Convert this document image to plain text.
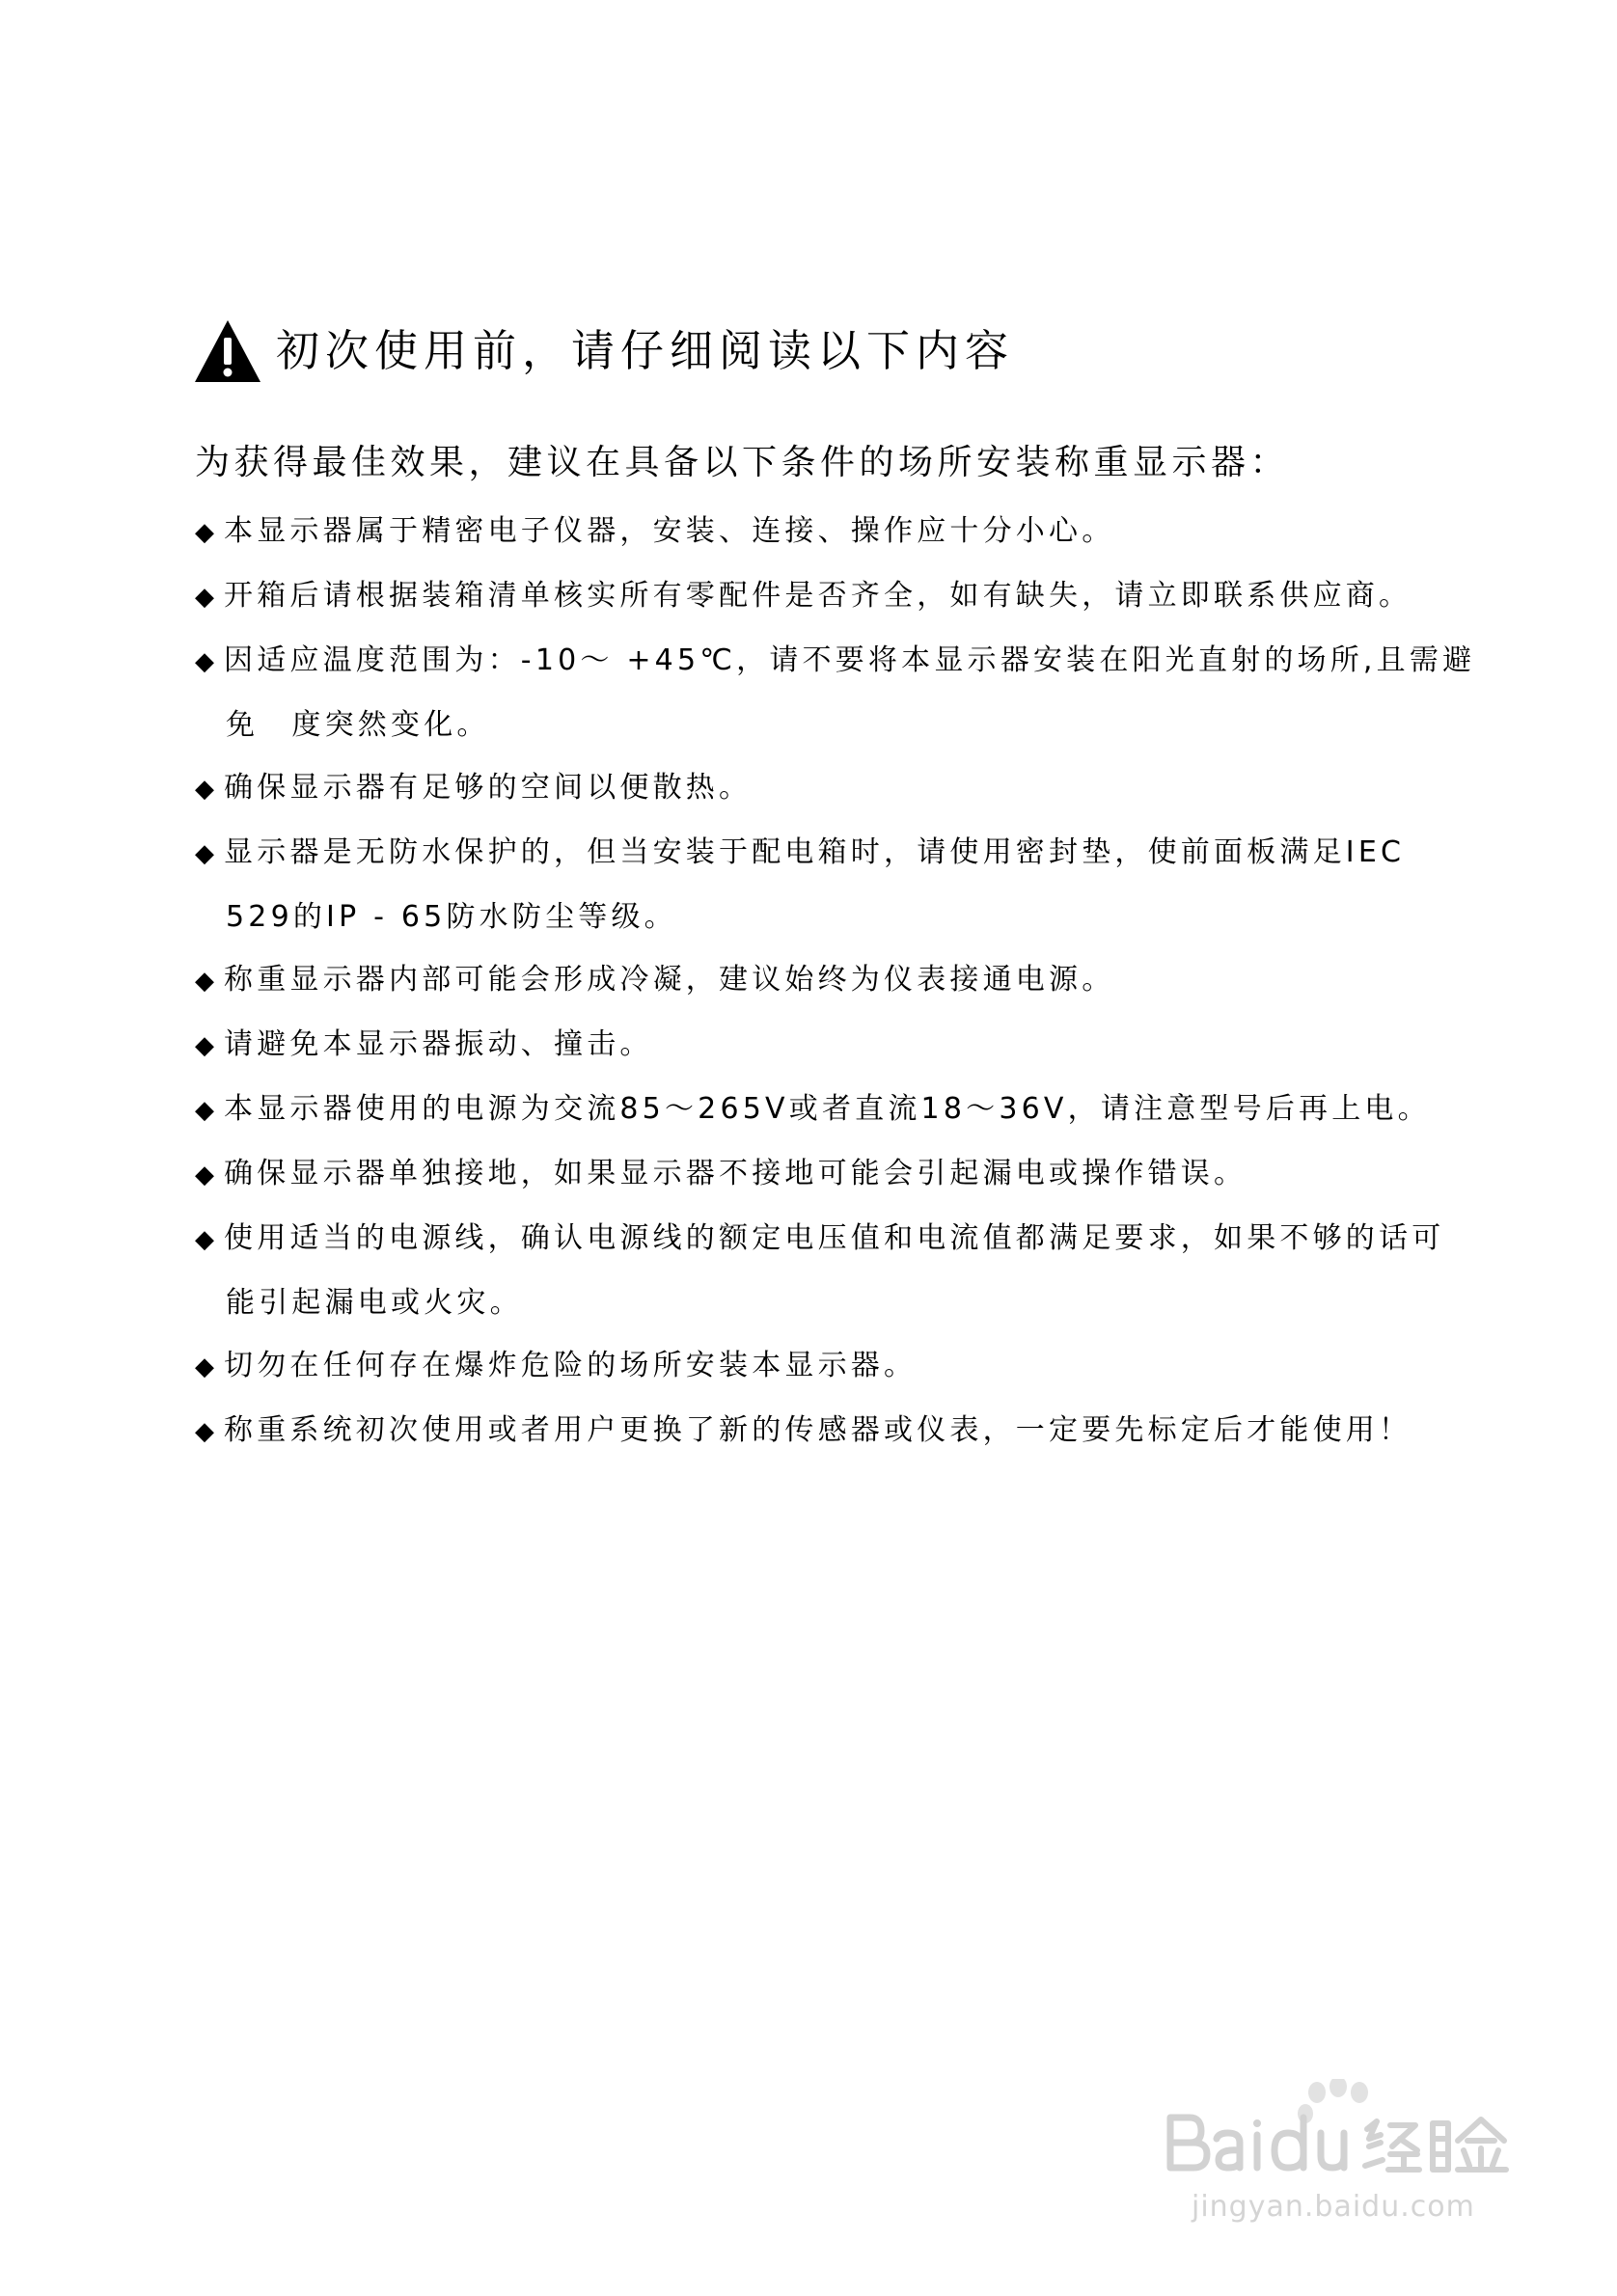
初次使用前，请仔细阅读以下内容
为获得最佳效果，建议在具备以下条件的场所安装称重显示器：
◆ 本显示器属于精密电子仪器，安装、连接、操作应十分小心。
◆ 开箱后请根据装箱清单核实所有零配件是否齐全，如有缺失，请立即联系供应商。
◆ 因适应温度范围为：-10～ +45℃，请不要将本显示器安装在阳光直射的场所,且需避
免　度突然变化。
◆ 确保显示器有足够的空间以便散热。
◆ 显示器是无防水保护的，但当安装于配电箱时，请使用密封垫，使前面板满足IEC
529的IP - 65防水防尘等级。
◆ 称重显示器内部可能会形成冷凝，建议始终为仪表接通电源。
◆ 请避免本显示器振动、撞击。
◆ 本显示器使用的电源为交流85～265V或者直流18～36V，请注意型号后再上电。
◆ 确保显示器单独接地，如果显示器不接地可能会引起漏电或操作错误。
◆ 使用适当的电源线，确认电源线的额定电压值和电流值都满足要求，如果不够的话可
能引起漏电或火灾。
◆ 切勿在任何存在爆炸危险的场所安装本显示器。
◆ 称重系统初次使用或者用户更换了新的传感器或仪表，一定要先标定后才能使用！
jingyan.baidu.com
